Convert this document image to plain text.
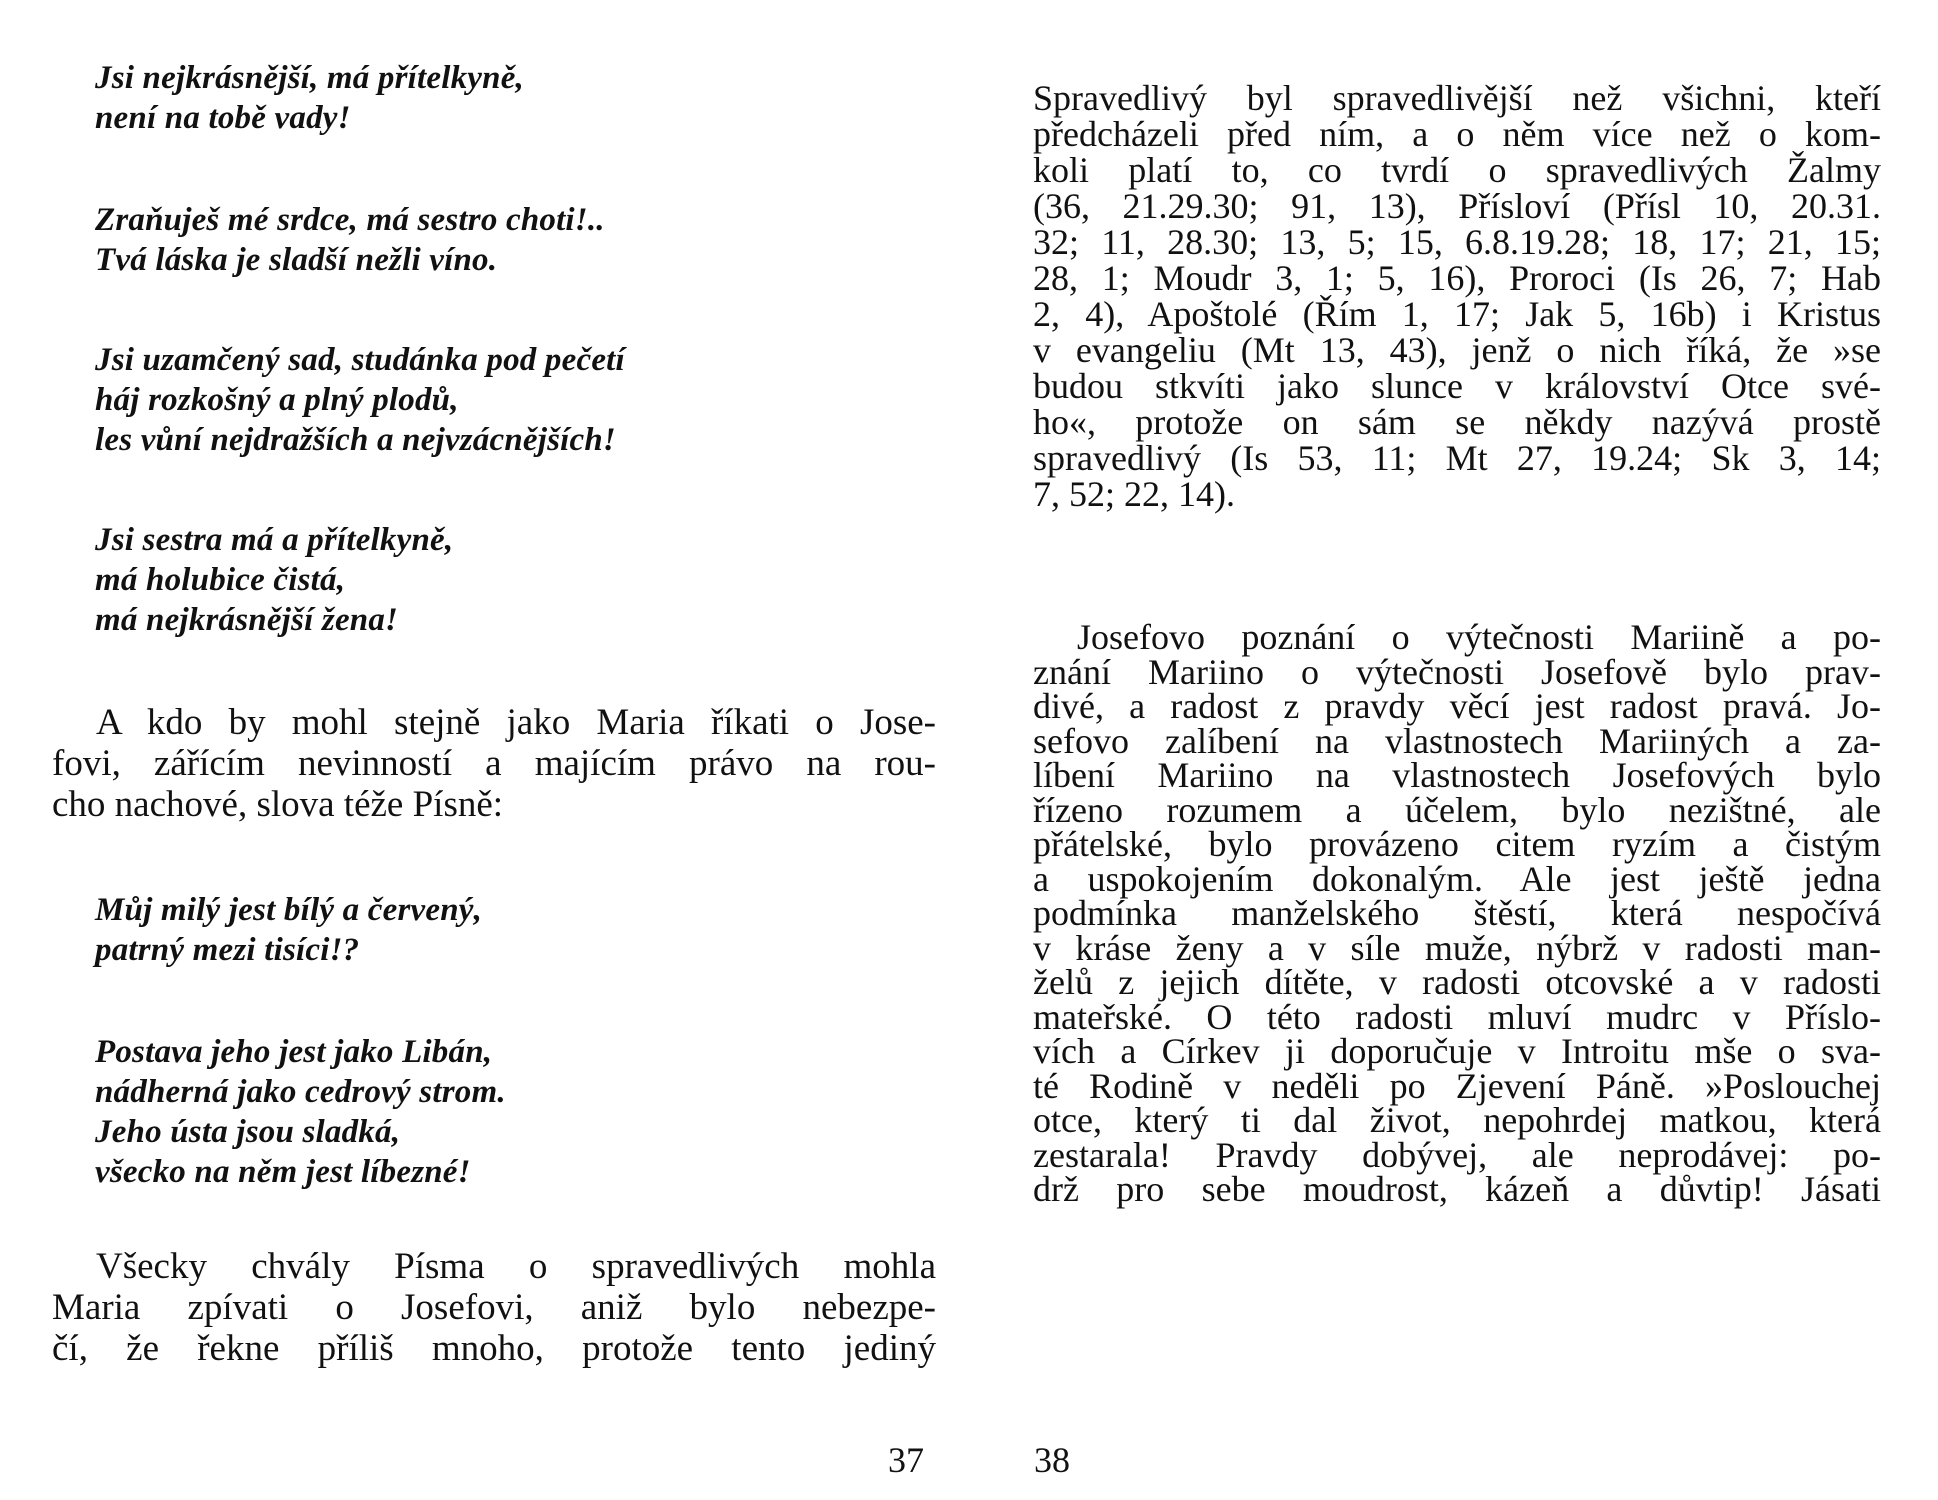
Jsi nejkrásnější, má přítelkyně,
není na tobě vady!
Zraňuješ mé srdce, má sestro choti!..
Tvá láska je sladší nežli víno.
Jsi uzamčený sad, studánka pod pečetí
háj rozkošný a plný plodů,
les vůní nejdražších a nejvzácnějších!
Jsi sestra má a přítelkyně,
má holubice čistá,
má nejkrásnější žena!
A kdo by mohl stejně jako Maria říkati o Jose-
fovi, zářícím nevinností a majícím právo na rou-
cho nachové, slova téže Písně:
Můj milý jest bílý a červený,
patrný mezi tisíci!?
Postava jeho jest jako Libán,
nádherná jako cedrový strom.
Jeho ústa jsou sladká,
všecko na něm jest líbezné!
Všecky chvály Písma o spravedlivých mohla
Maria zpívati o Josefovi, aniž bylo nebezpe-
čí, že řekne příliš mnoho, protože tento jediný
37
Spravedlivý byl spravedlivější než všichni, kteří
předcházeli před ním, a o něm více než o kom-
koli platí to, co tvrdí o spravedlivých Žalmy
(36, 21.29.30; 91, 13), Přísloví (Přísl 10, 20.31.
32; 11, 28.30; 13, 5; 15, 6.8.19.28; 18, 17; 21, 15;
28, 1; Moudr 3, 1; 5, 16), Proroci (Is 26, 7; Hab
2, 4), Apoštolé (Řím 1, 17; Jak 5, 16b) i Kristus
v evangeliu (Mt 13, 43), jenž o nich říká, že »se
budou stkvíti jako slunce v království Otce své-
ho«, protože on sám se někdy nazývá prostě
spravedlivý (Is 53, 11; Mt 27, 19.24; Sk 3, 14;
7, 52; 22, 14).
Josefovo poznání o výtečnosti Mariině a po-
znání Mariino o výtečnosti Josefově bylo prav-
divé, a radost z pravdy věcí jest radost pravá. Jo-
sefovo zalíbení na vlastnostech Mariiných a za-
líbení Mariino na vlastnostech Josefových bylo
řízeno rozumem a účelem, bylo nezištné, ale
přátelské, bylo provázeno citem ryzím a čistým
a uspokojením dokonalým. Ale jest ještě jedna
podmínka manželského štěstí, která nespočívá
v kráse ženy a v síle muže, nýbrž v radosti man-
želů z jejich dítěte, v radosti otcovské a v radosti
mateřské. O této radosti mluví mudrc v Příslo-
vích a Církev ji doporučuje v Introitu mše o sva-
té Rodině v neděli po Zjevení Páně. »Poslouchej
otce, který ti dal život, nepohrdej matkou, která
zestarala! Pravdy dobývej, ale neprodávej: po-
drž pro sebe moudrost, kázeň a důvtip! Jásati
38
